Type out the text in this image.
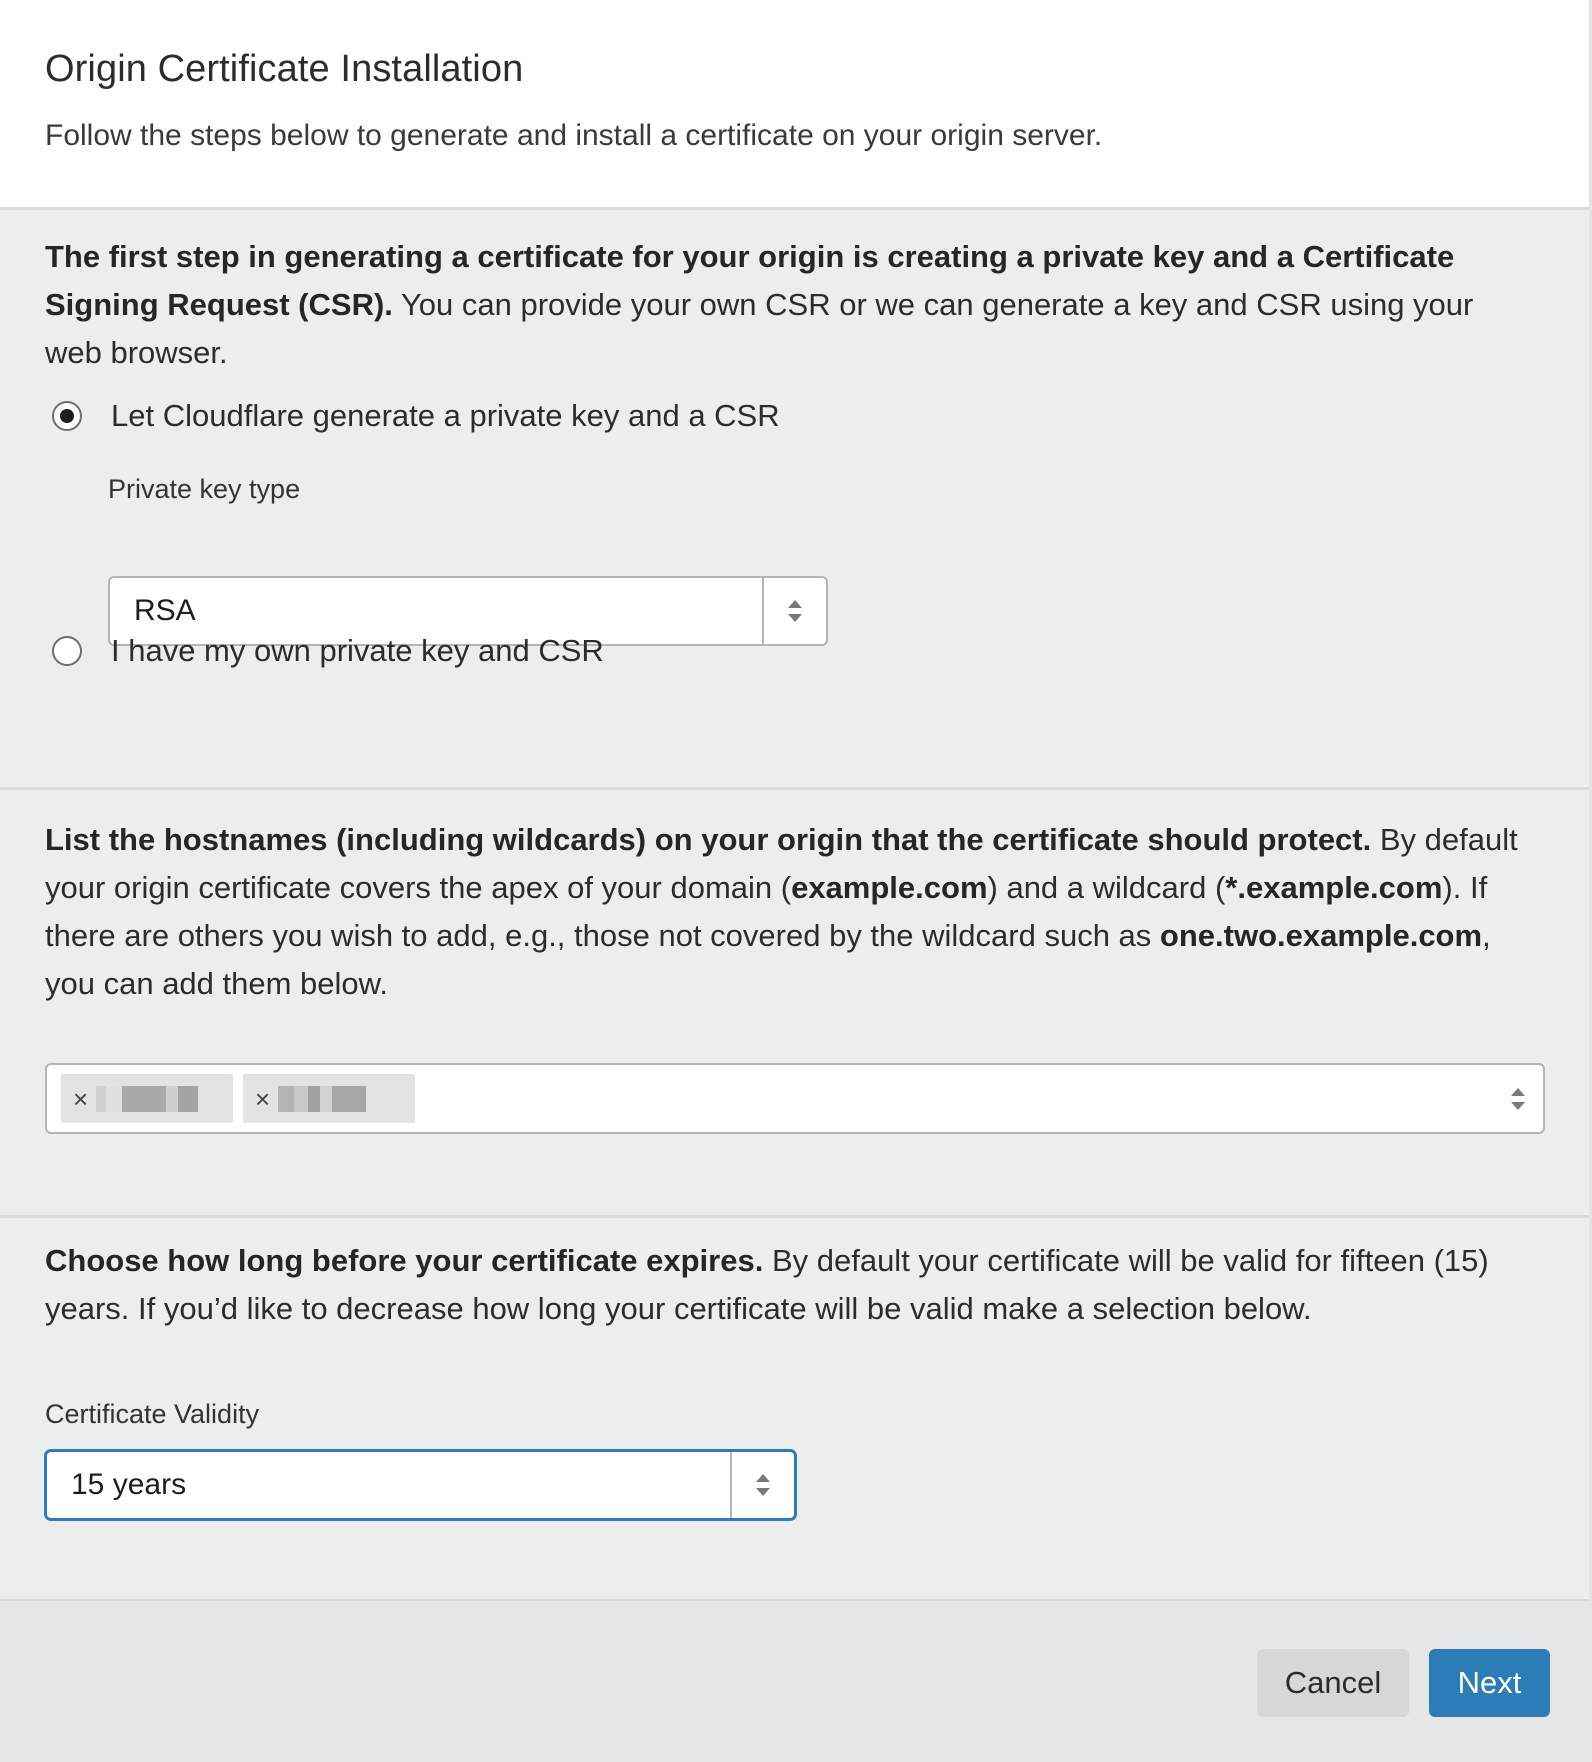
Origin Certificate Installation
Follow the steps below to generate and install a certificate on your origin server.

The first step in generating a certificate for your origin is creating a private key and a Certificate Signing Request (CSR). You can provide your own CSR or we can generate a key and CSR using your web browser.

Let Cloudflare generate a private key and a CSR
Private key type
RSA
I have my own private key and CSR

List the hostnames (including wildcards) on your origin that the certificate should protect. By default your origin certificate covers the apex of your domain (example.com) and a wildcard (*.example.com). If there are others you wish to add, e.g., those not covered by the wildcard such as one.two.example.com, you can add them below.

×	×

Choose how long before your certificate expires. By default your certificate will be valid for fifteen (15) years. If you’d like to decrease how long your certificate will be valid make a selection below.

Certificate Validity
15 years
Cancel	Next
